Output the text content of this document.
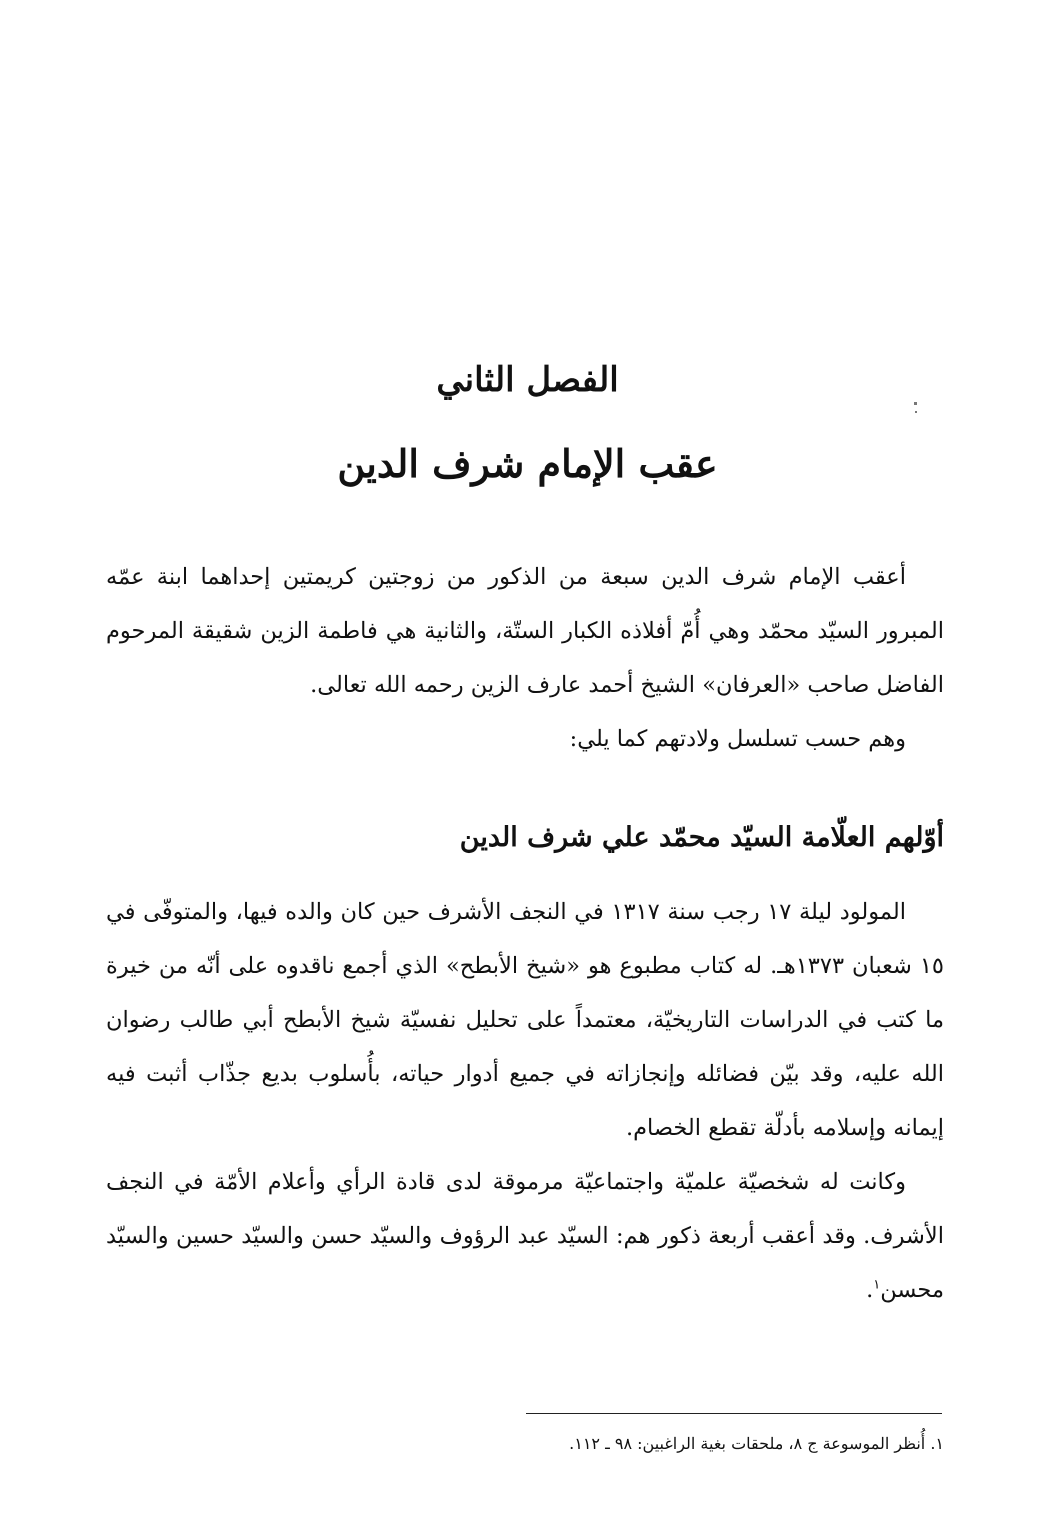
الفصل الثاني
عقب الإمام شرف الدين

أعقب الإمام شرف الدين سبعة من الذكور من زوجتين كريمتين إحداهما ابنة عمّه المبرور السيّد محمّد وهي أُمّ أفلاذه الكبار الستّة، والثانية هي فاطمة الزين شقيقة المرحوم الفاضل صاحب «العرفان» الشيخ أحمد عارف الزين رحمه الله تعالى.

وهم حسب تسلسل ولادتهم كما يلي:

أوّلهم العلّامة السيّد محمّد علي شرف الدين

المولود ليلة ١٧ رجب سنة ١٣١٧ في النجف الأشرف حين كان والده فيها، والمتوفّى في ١٥ شعبان ١٣٧٣هـ. له كتاب مطبوع هو «شيخ الأبطح» الذي أجمع ناقدوه على أنّه من خيرة ما كتب في الدراسات التاريخيّة، معتمداً على تحليل نفسيّة شيخ الأبطح أبي طالب رضوان الله عليه، وقد بيّن فضائله وإنجازاته في جميع أدوار حياته، بأُسلوب بديع جذّاب أثبت فيه إيمانه وإسلامه بأدلّة تقطع الخصام.

وكانت له شخصيّة علميّة واجتماعيّة مرموقة لدى قادة الرأي وأعلام الأمّة في النجف الأشرف. وقد أعقب أربعة ذكور هم: السيّد عبد الرؤوف والسيّد حسن والسيّد حسين والسيّد محسن$^١$.

١. أُنظر الموسوعة ج ٨، ملحقات بغية الراغبين: ٩٨ ـ ١١٢.
